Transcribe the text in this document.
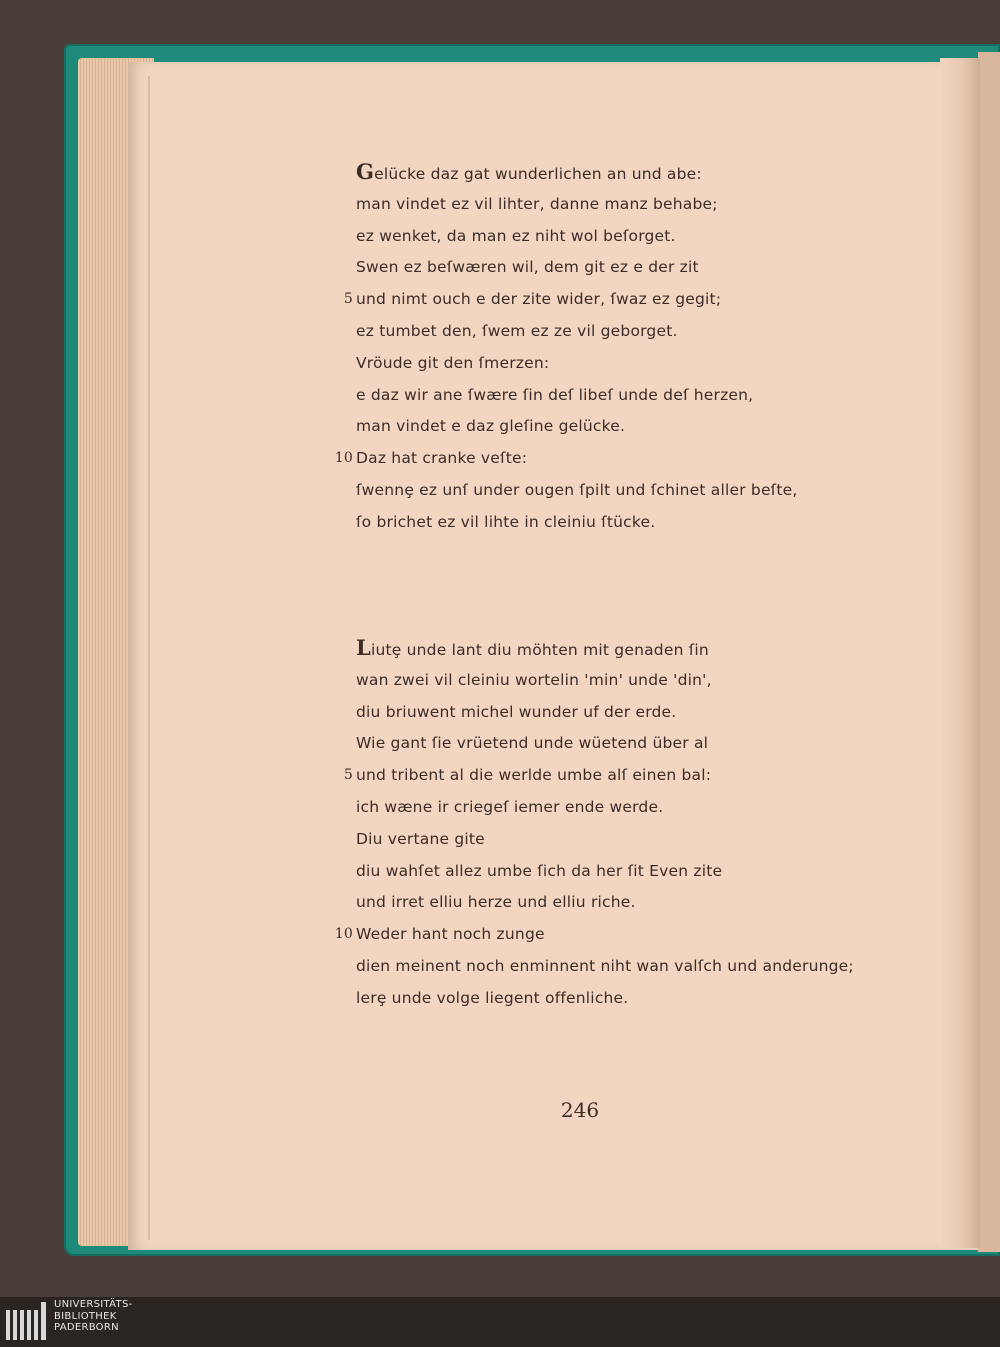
Gelücke daz gat wunderlichen an und abe:
man vindet ez vil lihter, danne manz behabe;
ez wenket, da man ez niht wol beſorget.
Swen ez beſwæren wil, dem git ez e der zit
5 und nimt ouch e der zite wider, ſwaz ez gegit;
ez tumbet den, ſwem ez ze vil geborget.
Vröude git den ſmerzen:
e daz wir ane ſwære ſin deſ libeſ unde deſ herzen,
man vindet e daz gleſine gelücke.
10 Daz hat cranke veſte:
ſwennȩ ez unſ under ougen ſpilt und ſchinet aller beſte,
ſo brichet ez vil lihte in cleiniu ſtücke.
Liutȩ unde lant diu möhten mit genaden ſin
wan zwei vil cleiniu wortelin 'min' unde 'din',
diu briuwent michel wunder uf der erde.
Wie gant ſie vrüetend unde wüetend über al
5 und tribent al die werlde umbe alſ einen bal:
ich wæne ir criegeſ iemer ende werde.
Diu vertane gite
diu wahſet allez umbe ſich da her ſit Even zite
und irret elliu herze und elliu riche.
10 Weder hant noch zunge
dien meinent noch enminnent niht wan valſch und anderunge;
lerȩ unde volge liegent offenliche.
246
UNIVERSITÄTS-
BIBLIOTHEK
PADERBORN
